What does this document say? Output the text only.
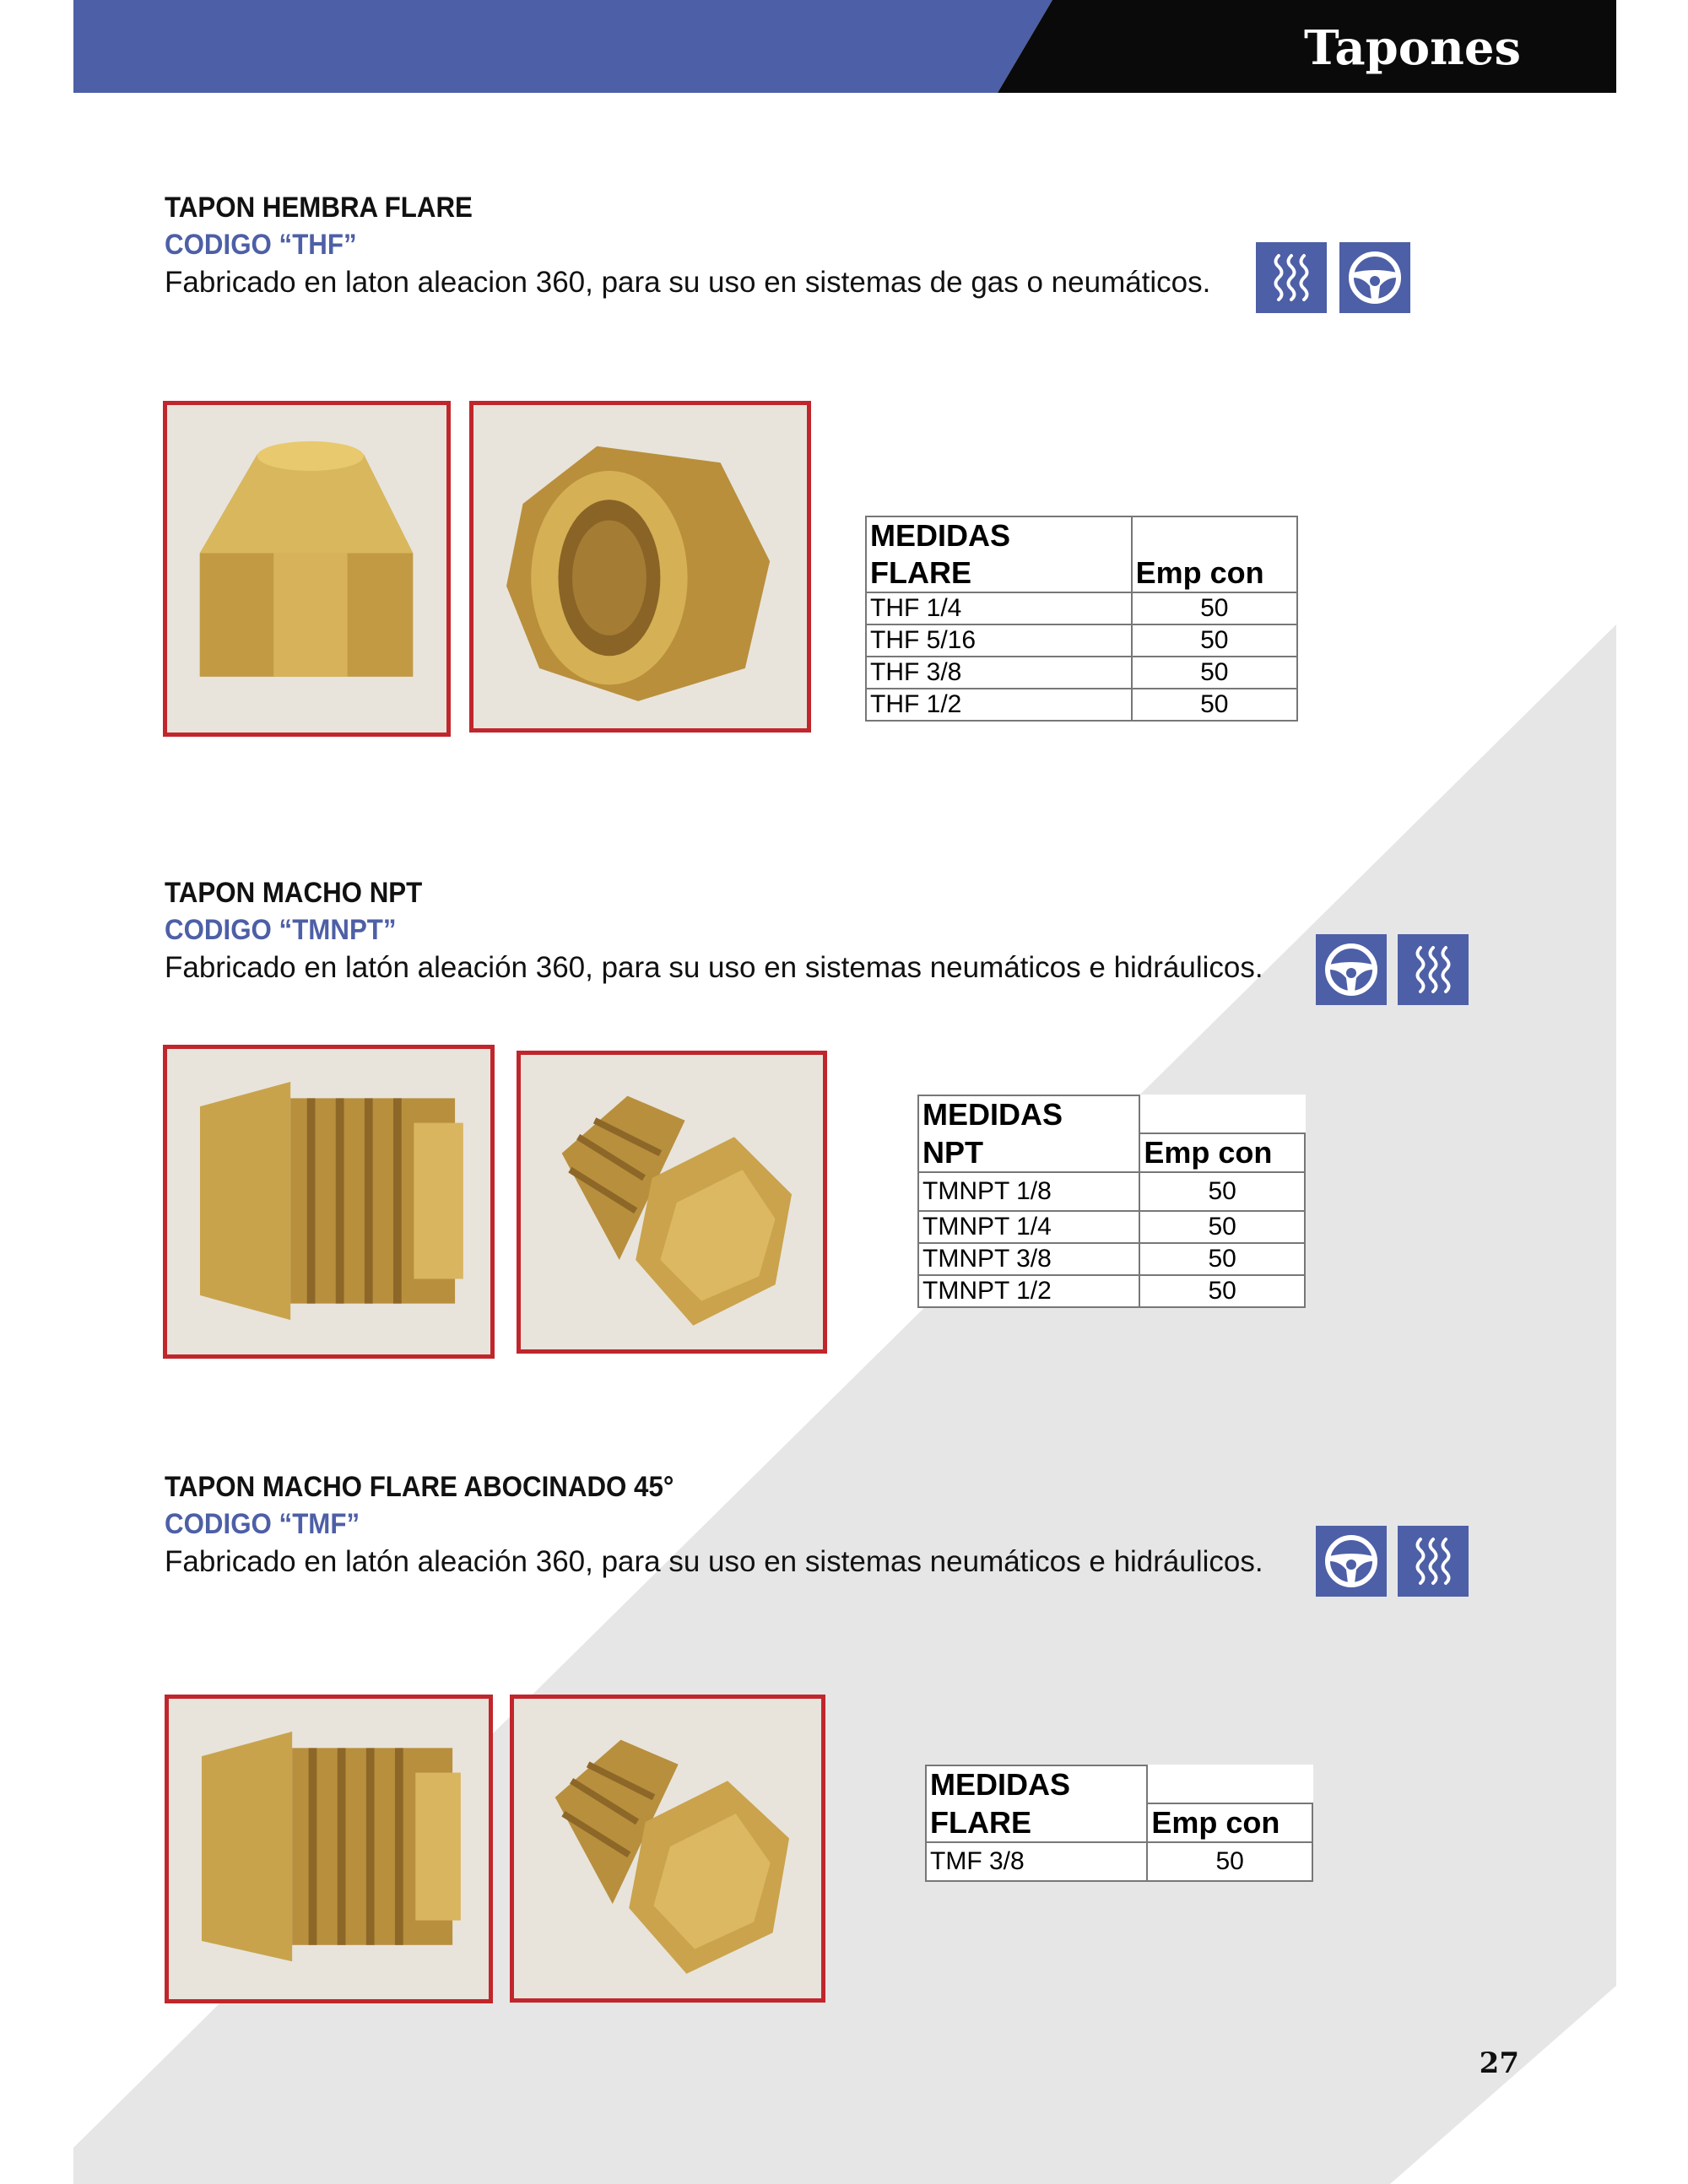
Tapones
TAPON HEMBRA FLARE
CODIGO “THF”
Fabricado en laton aleacion 360, para su uso en sistemas de gas o neumáticos.
MEDIDAS	
FLARE	Emp con
THF 1/4	50
THF 5/16	50
THF 3/8	50
THF 1/2	50
TAPON MACHO NPT
CODIGO “TMNPT”
Fabricado en latón aleación 360, para su uso en sistemas neumáticos e hidráulicos.
MEDIDAS	
NPT	Emp con
TMNPT 1/8	50
TMNPT 1/4	50
TMNPT 3/8	50
TMNPT 1/2	50
TAPON MACHO FLARE ABOCINADO 45°
CODIGO “TMF”
Fabricado en latón aleación 360, para su uso en sistemas neumáticos e hidráulicos.
MEDIDAS	
FLARE	Emp con
TMF 3/8	50
27
